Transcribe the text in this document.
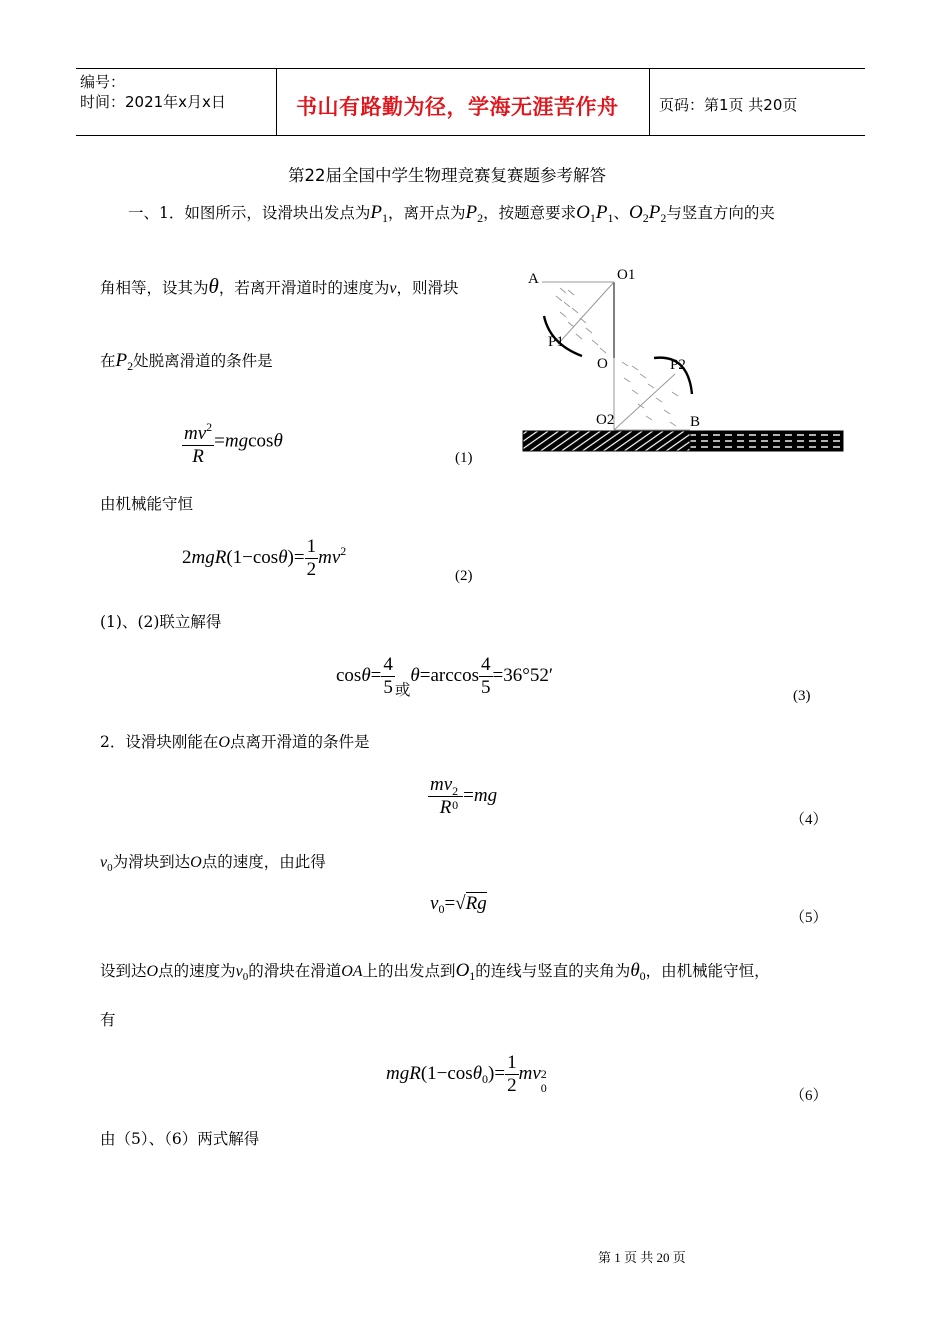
编号：
时间：2021年x月x日	书山有路勤为径，学海无涯苦作舟	页码：第1页 共20页
第22届全国中学生物理竞赛复赛题参考解答
一、1．如图所示，设滑块出发点为$P_1$，离开点为$P_2$，按题意要求$O_1P_1$、$O_2P_2$与竖直方向的夹
角相等，设其为θ，若离开滑道时的速度为v，则滑块
在$P_2$处脱离滑道的条件是
$\frac{mv^2}{R} =mgcos\theta$
(1)
A	O1
P1
O	P2
O2	B
由机械能守恒
$2mgR(1-\cos\theta)= \frac{1}{2} mv^2$
(2)
(1)、(2)联立解得
$\cos\theta= \frac{4}{5} _或\theta=\arccos \frac{4}{5} =36^\circ 52'$
(3)
2．设滑块刚能在O点离开滑道的条件是
mv 2
0
R =mg
（4）
$v_0$为滑块到达O点的速度，由此得
$v_0=√Rg$
（5）
设到达O点的速度为$v_0$的滑块在滑道OA上的出发点到$O_1$的连线与竖直的夹角为$\theta_0$，由机械能守恒，
有
$mgR(1-\cos\theta_0)= \frac{1}{2}$ mv 2
0
（6）
由（5）、（6）两式解得
第 1 页 共 20 页
